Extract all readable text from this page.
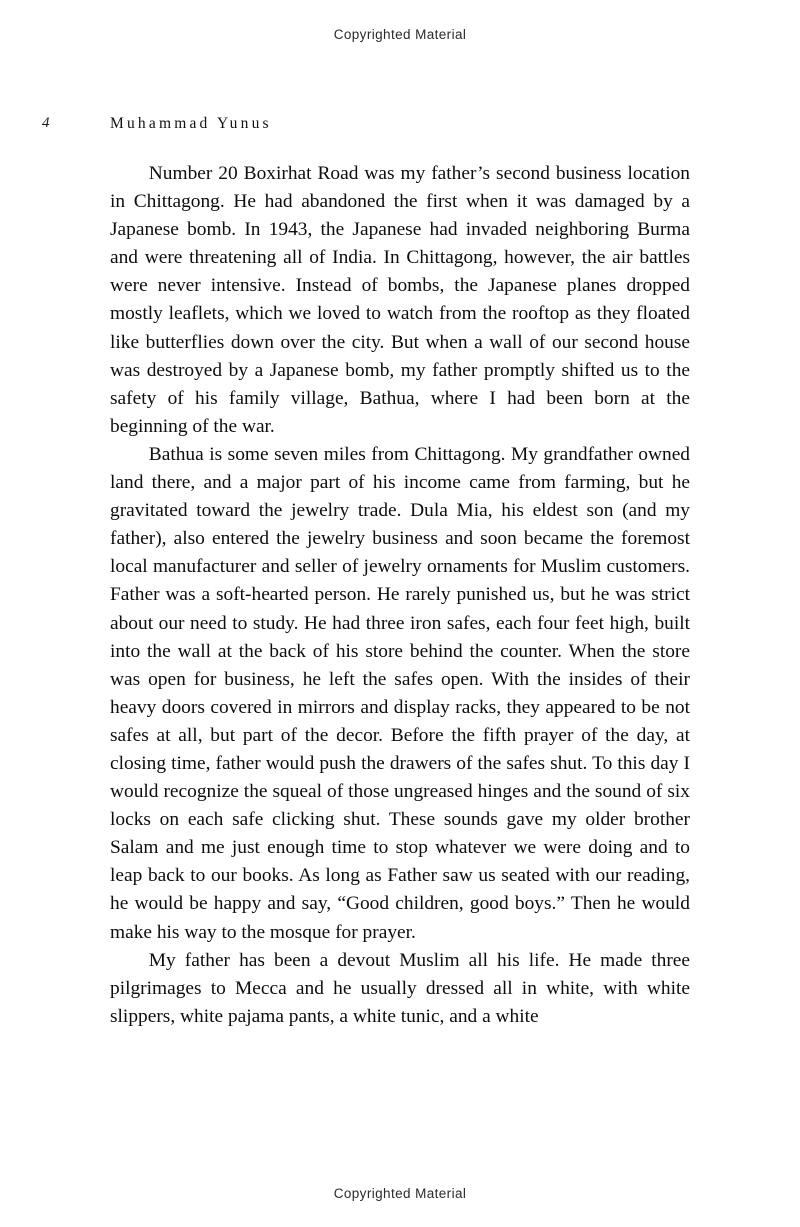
Copyrighted Material
4	Muhammad Yunus

Number 20 Boxirhat Road was my father’s second business location in Chittagong. He had abandoned the first when it was damaged by a Japanese bomb. In 1943, the Japanese had invaded neighboring Burma and were threatening all of India. In Chittagong, however, the air battles were never intensive. Instead of bombs, the Japanese planes dropped mostly leaflets, which we loved to watch from the rooftop as they floated like butterflies down over the city. But when a wall of our second house was destroyed by a Japanese bomb, my father promptly shifted us to the safety of his family village, Bathua, where I had been born at the beginning of the war.

Bathua is some seven miles from Chittagong. My grandfather owned land there, and a major part of his income came from farming, but he gravitated toward the jewelry trade. Dula Mia, his eldest son (and my father), also entered the jewelry business and soon became the foremost local manufacturer and seller of jewelry ornaments for Muslim customers. Father was a soft-hearted person. He rarely punished us, but he was strict about our need to study. He had three iron safes, each four feet high, built into the wall at the back of his store behind the counter. When the store was open for business, he left the safes open. With the insides of their heavy doors covered in mirrors and display racks, they appeared to be not safes at all, but part of the decor. Before the fifth prayer of the day, at closing time, father would push the drawers of the safes shut. To this day I would recognize the squeal of those ungreased hinges and the sound of six locks on each safe clicking shut. These sounds gave my older brother Salam and me just enough time to stop whatever we were doing and to leap back to our books. As long as Father saw us seated with our reading, he would be happy and say, “Good children, good boys.” Then he would make his way to the mosque for prayer.

My father has been a devout Muslim all his life. He made three pilgrimages to Mecca and he usually dressed all in white, with white slippers, white pajama pants, a white tunic, and a white

Copyrighted Material
